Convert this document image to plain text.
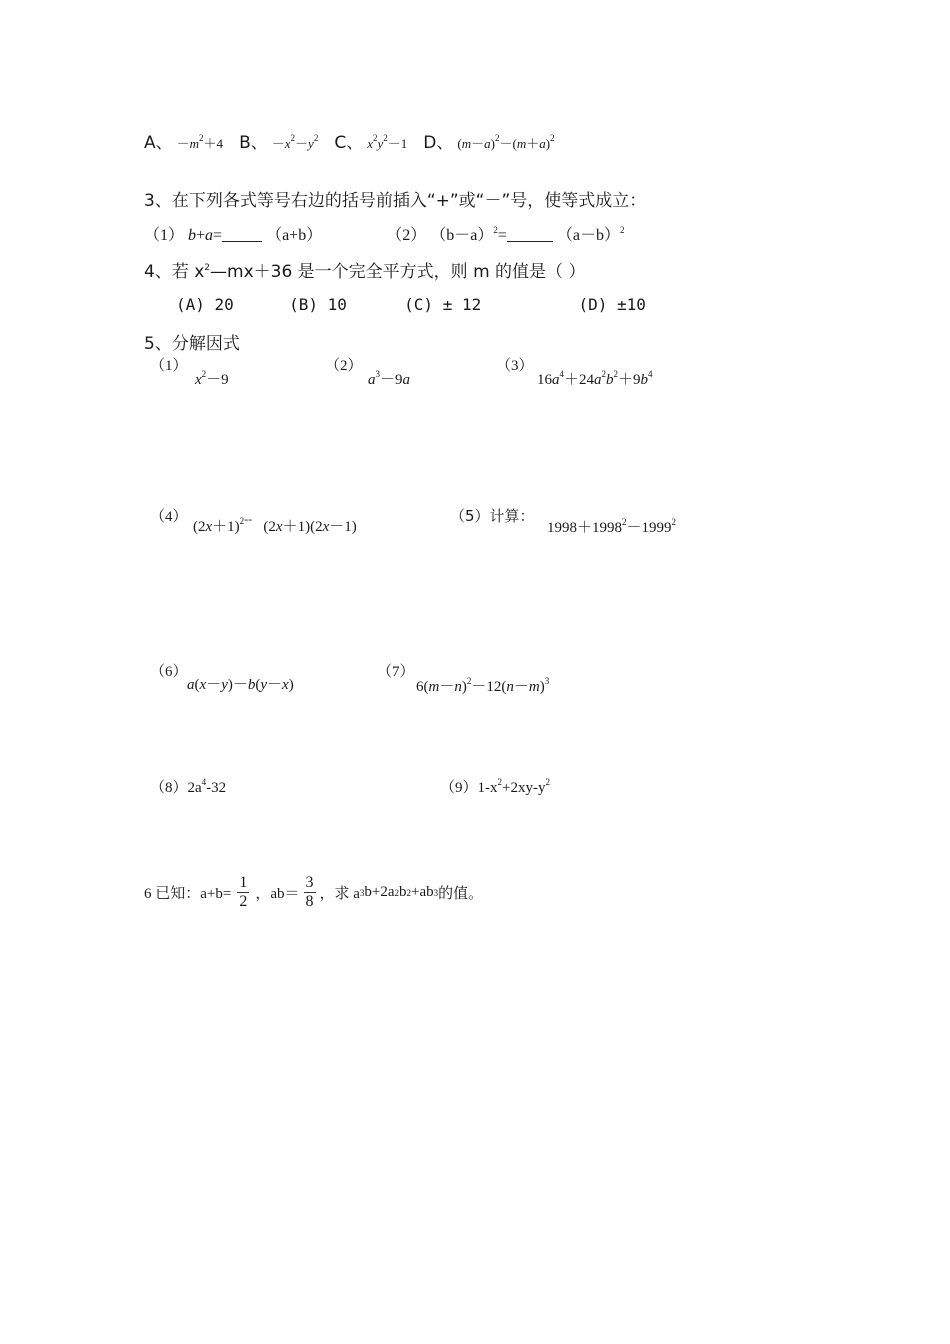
A、 $-m^2+4$ B、 $-x^2-y^2$ C、 $x^2y^2-1$ D、 $(m-a)^2-(m+a)^2$
3、在下列各式等号右边的括号前插入“+”或“－”号，使等式成立：
（1） b+a=	（a+b）	（2） $(b-a)^2=$	$(a-b)^2$
4、若 $x^2—mx+36$ 是一个完全平方式，则 m 的值是（ ）
(A) 20	(B) 10	(C) ± 12	(D) ±10
5、分解因式
（1）
$x^2-9$
（2）
$a^3-9a$
（3）
$16a^4+24a^2b^2+9b^4$
（4）
$(2x+1)^{2--}$   (2x＋1)(2x－1)
（5）计算：
$1998+1998^2-1999^2$
（6）
a(x－y)－b(y－x)
（7）
$6(m-n)^2-12(n-m)^3$
$(8)2a^4-32$	$(9)1-x^2+2xy-y^2$
6 已知：$a+b= \frac{1}{2}$ ，$ab= \frac{3}{8}$ ，求 a 3 b+2a 2 b 2 +ab 3 的值。
